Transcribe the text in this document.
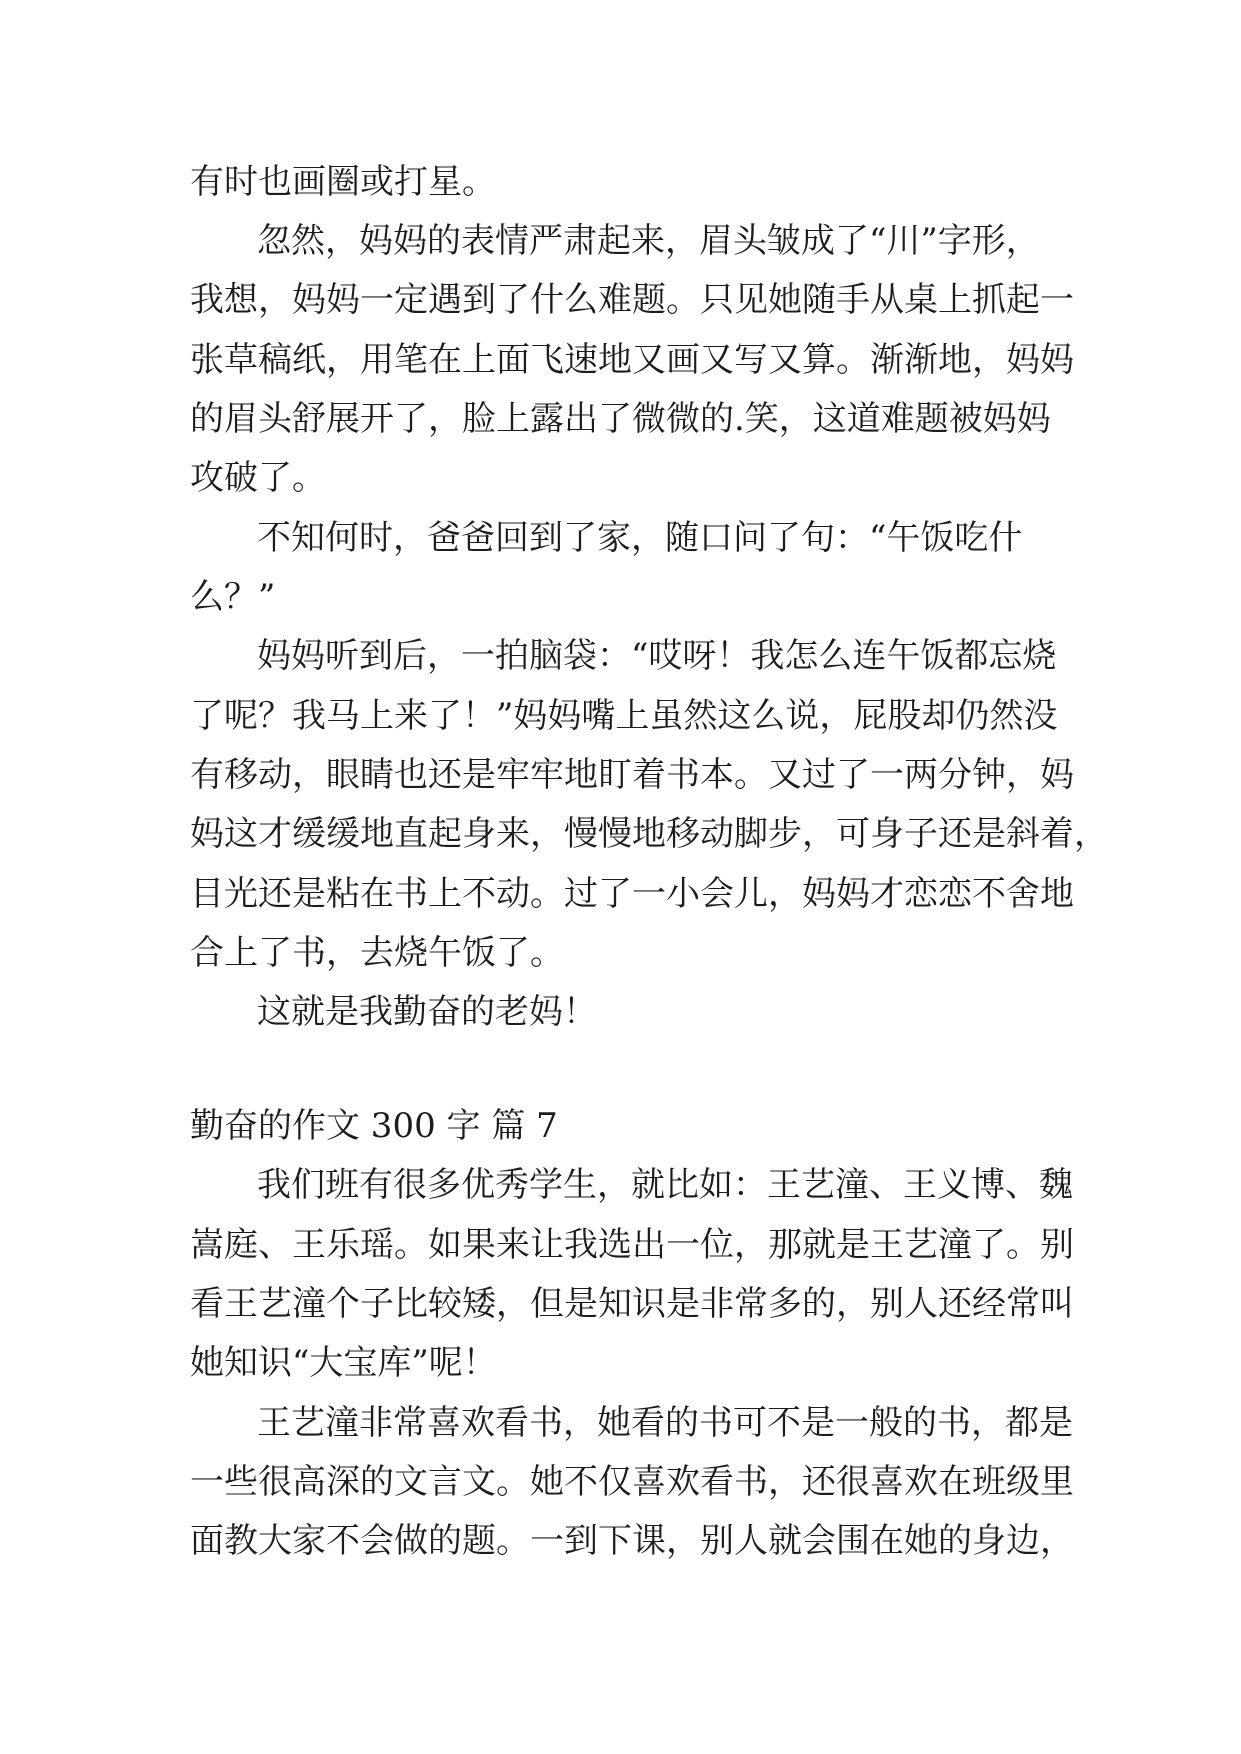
有时也画圈或打星。

忽然，妈妈的表情严肃起来，眉头皱成了“川”字形，

我想，妈妈一定遇到了什么难题。只见她随手从桌上抓起一

张草稿纸，用笔在上面飞速地又画又写又算。渐渐地，妈妈

的眉头舒展开了，脸上露出了微微的.笑，这道难题被妈妈

攻破了。

不知何时，爸爸回到了家，随口问了句：“午饭吃什

么？”

妈妈听到后，一拍脑袋：“哎呀！我怎么连午饭都忘烧

了呢？我马上来了！”妈妈嘴上虽然这么说，屁股却仍然没

有移动，眼睛也还是牢牢地盯着书本。又过了一两分钟，妈

妈这才缓缓地直起身来，慢慢地移动脚步，可身子还是斜着，

目光还是粘在书上不动。过了一小会儿，妈妈才恋恋不舍地

合上了书，去烧午饭了。

这就是我勤奋的老妈！

勤奋的作文 300 字 篇 7

我们班有很多优秀学生，就比如：王艺潼、王义博、魏

嵩庭、王乐瑶。如果来让我选出一位，那就是王艺潼了。别

看王艺潼个子比较矮，但是知识是非常多的，别人还经常叫

她知识“大宝库”呢！

王艺潼非常喜欢看书，她看的书可不是一般的书，都是

一些很高深的文言文。她不仅喜欢看书，还很喜欢在班级里

面教大家不会做的题。一到下课，别人就会围在她的身边，
